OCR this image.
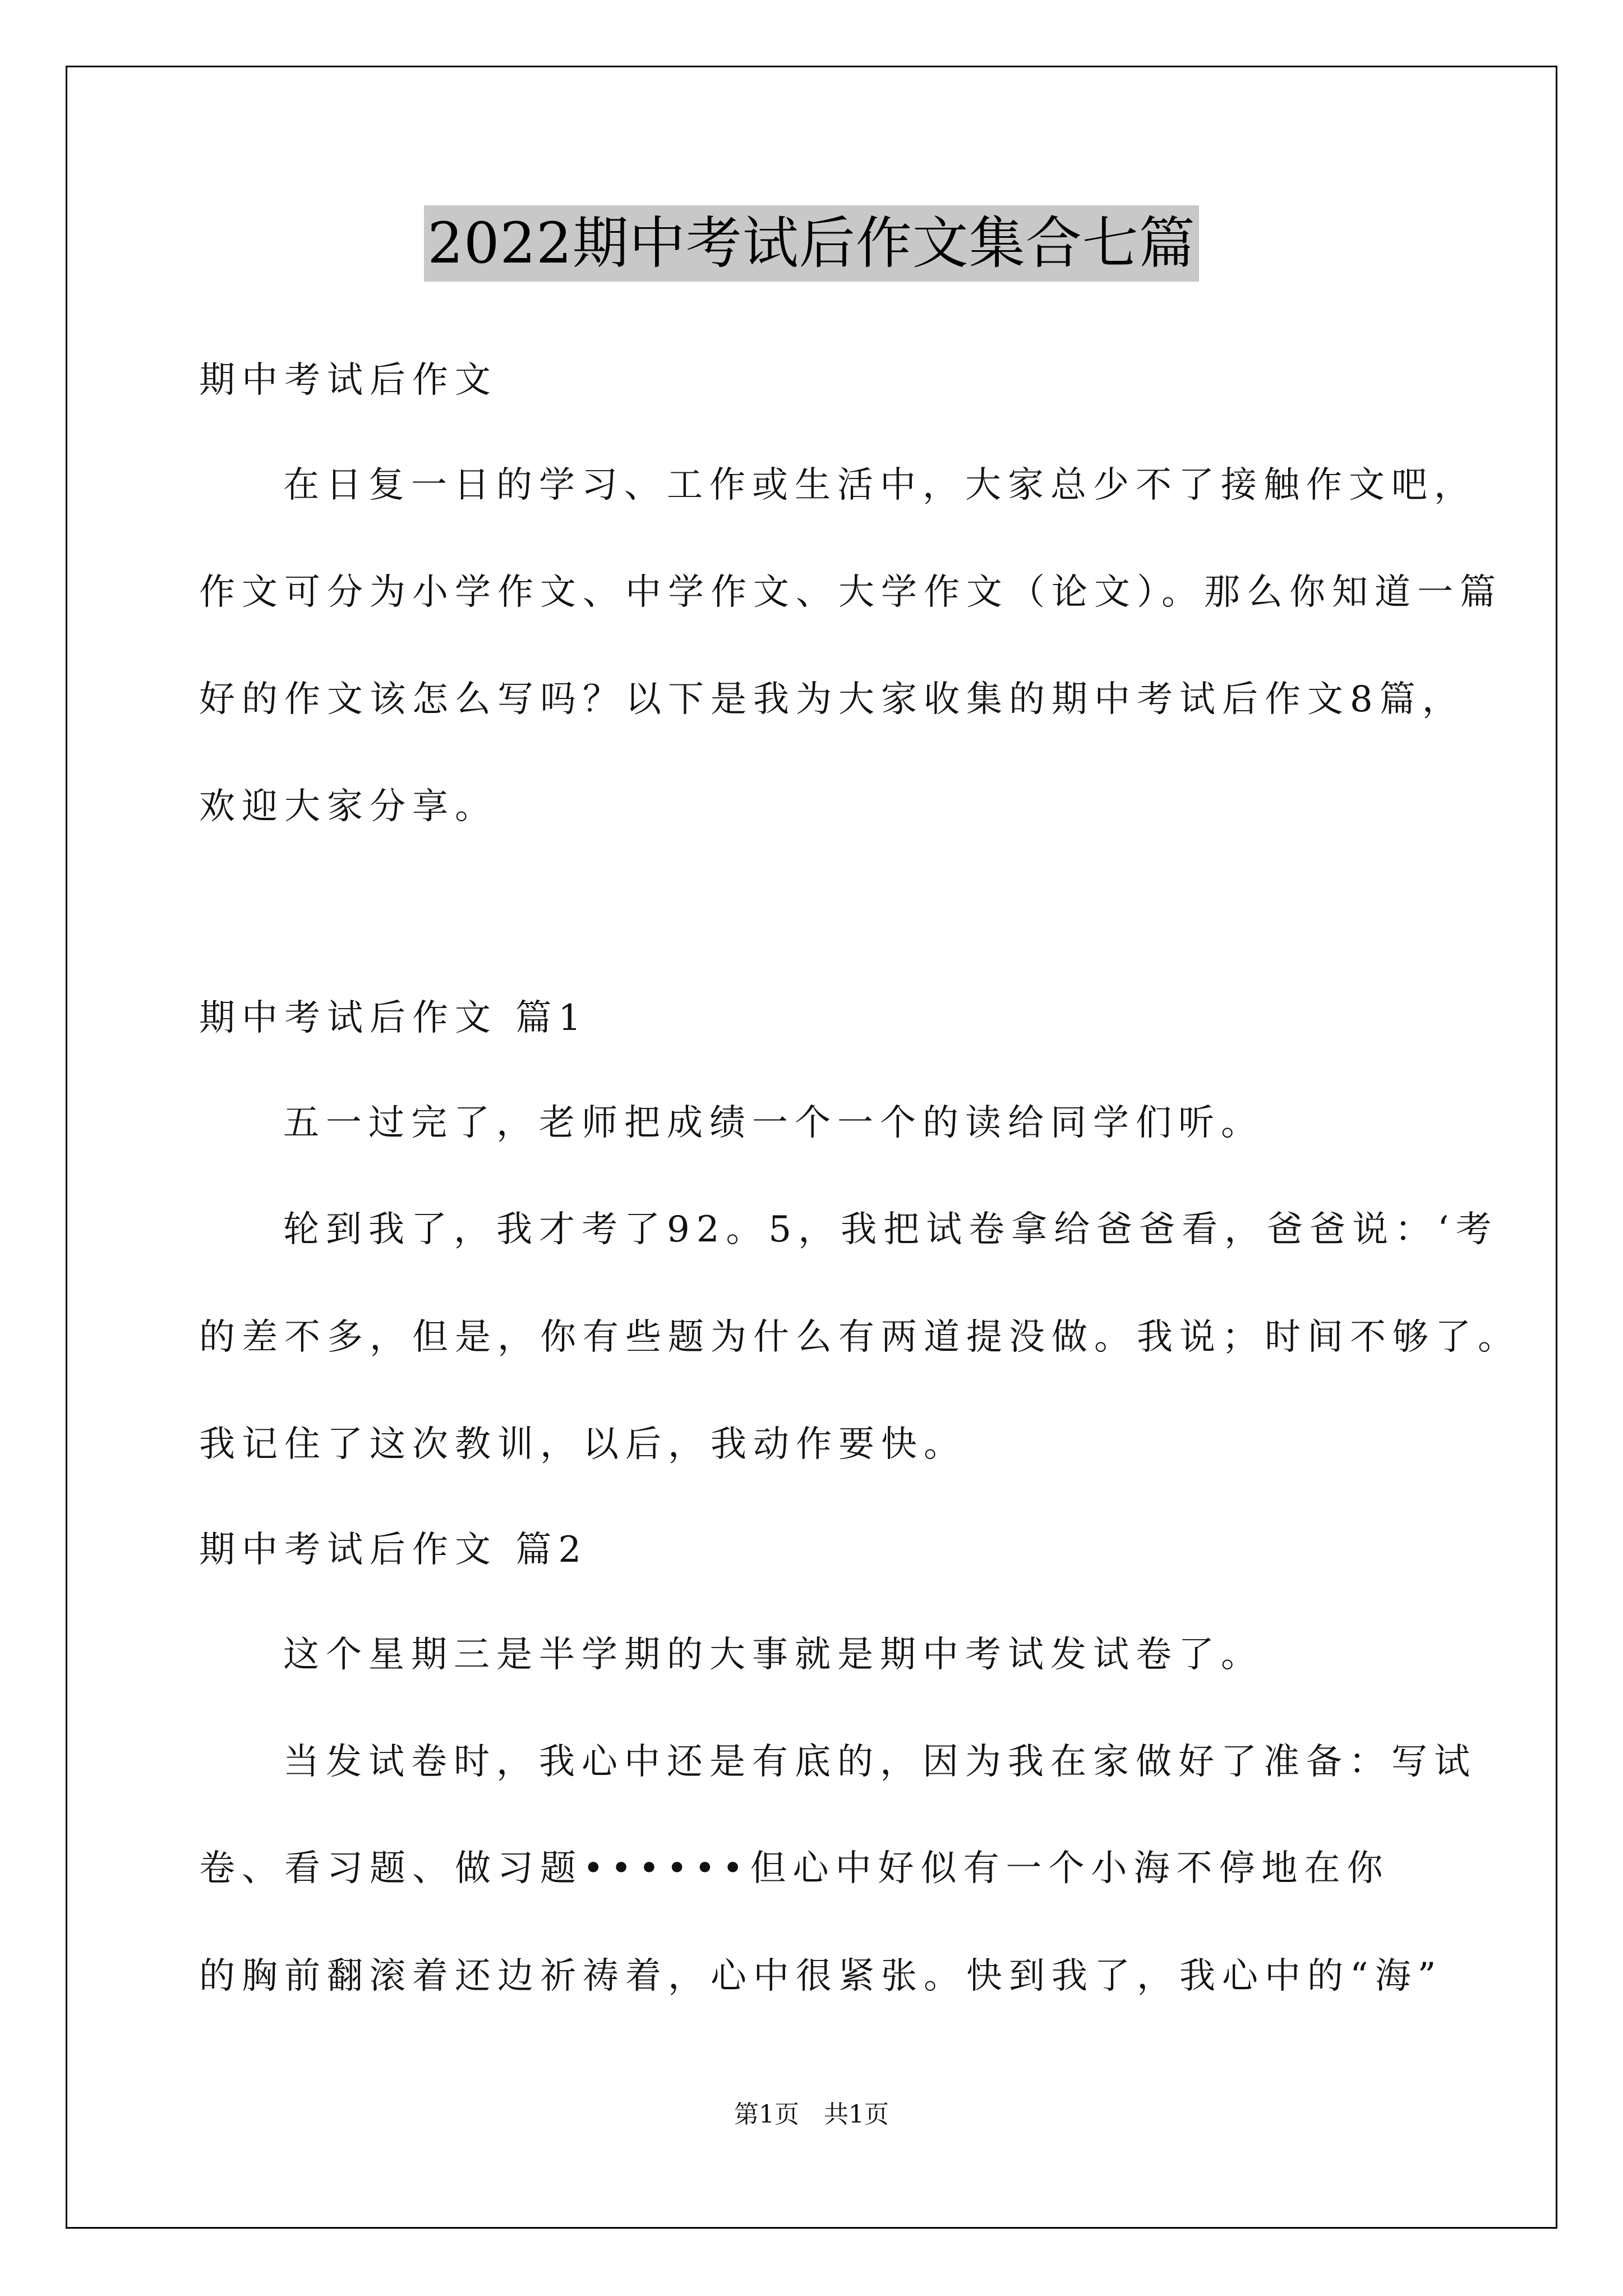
2022期中考试后作文集合七篇
期中考试后作文
在日复一日的学习、工作或生活中，大家总少不了接触作文吧，
作文可分为小学作文、中学作文、大学作文（论文）。那么你知道一篇
好的作文该怎么写吗？以下是我为大家收集的期中考试后作文8篇，
欢迎大家分享。
期中考试后作文 篇1
五一过完了，老师把成绩一个一个的读给同学们听。
轮到我了，我才考了92。5，我把试卷拿给爸爸看，爸爸说：‘考
的差不多，但是，你有些题为什么有两道提没做。我说；时间不够了。
我记住了这次教训，以后，我动作要快。
期中考试后作文 篇2
这个星期三是半学期的大事就是期中考试发试卷了。
当发试卷时，我心中还是有底的，因为我在家做好了准备：写试
卷、看习题、做习题••••••但心中好似有一个小海不停地在你
的胸前翻滚着还边祈祷着，心中很紧张。快到我了，我心中的“海”
第1页　共1页
